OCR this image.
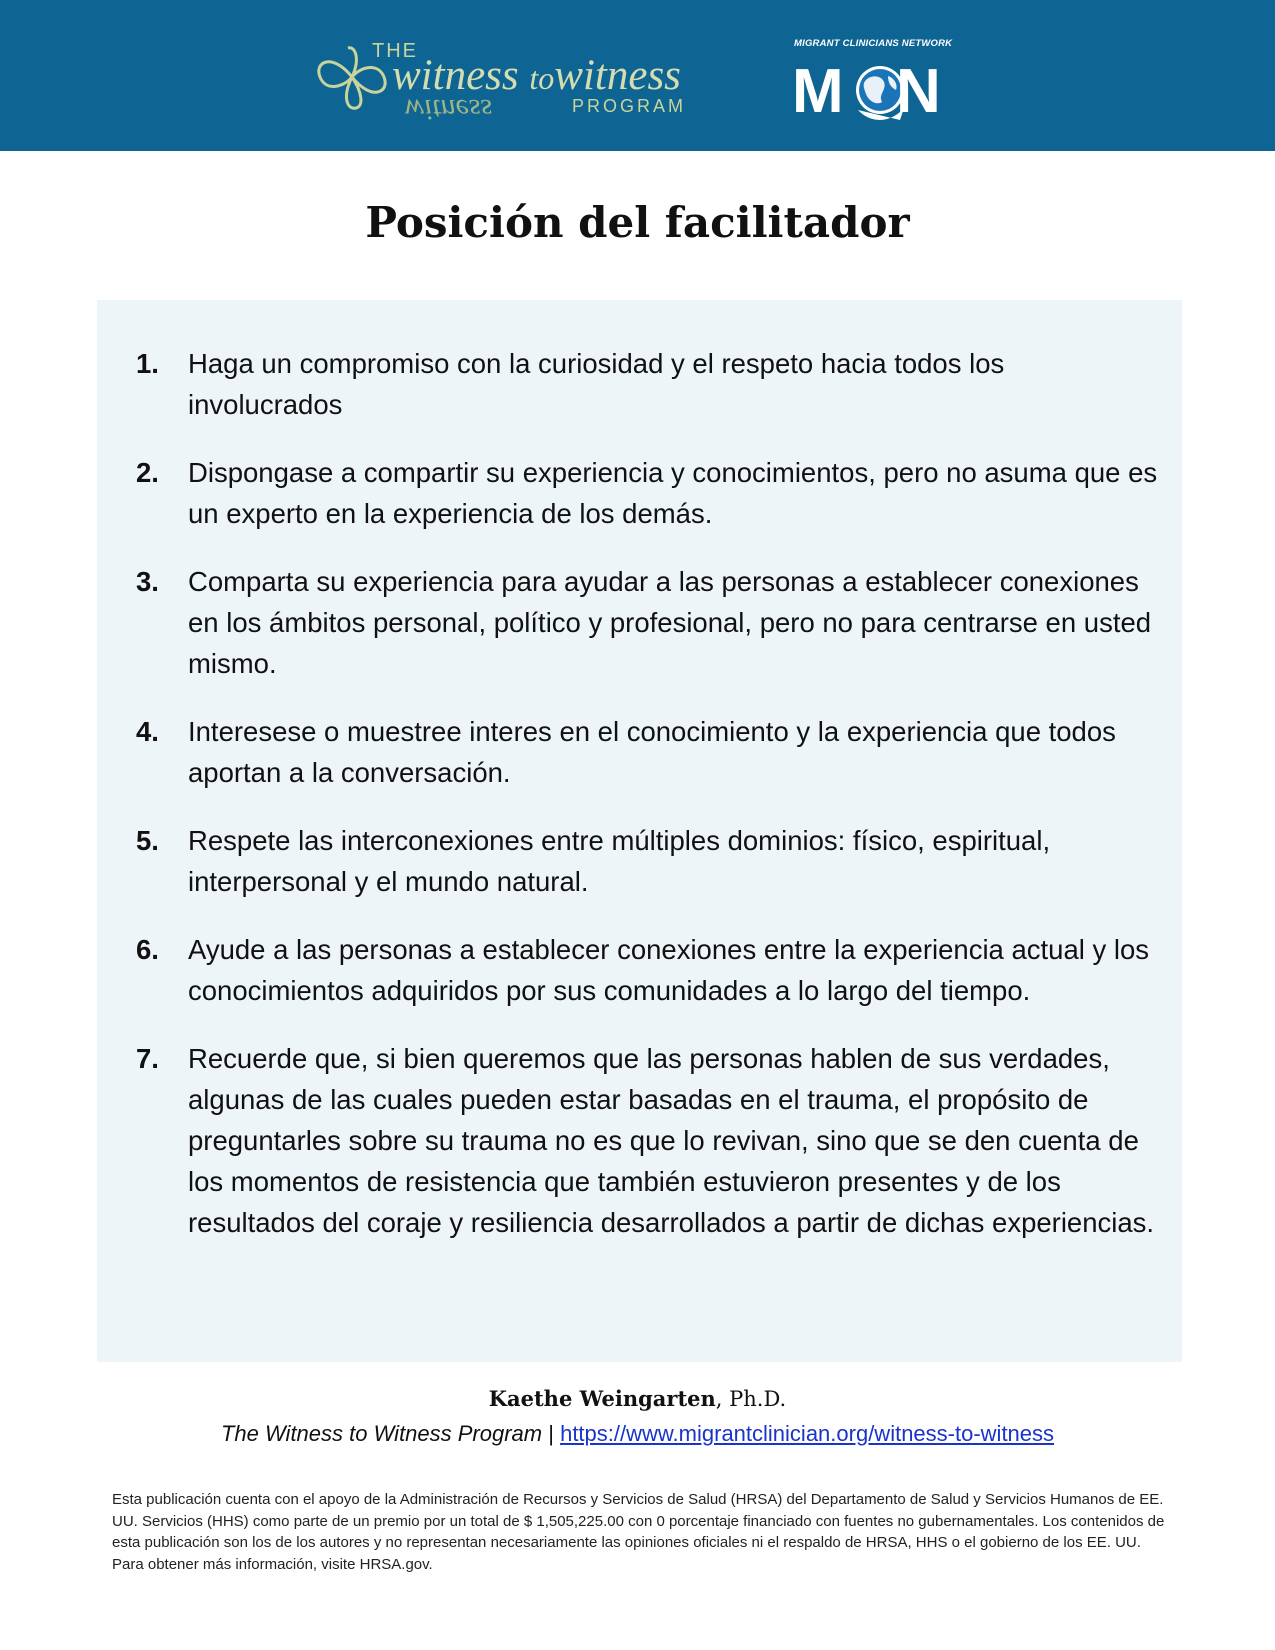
THE
witness towitness
witness	PROGRAM
MIGRANT CLINICIANS NETWORK
M N
Posición del facilitador
1. Haga un compromiso con la curiosidad y el respeto hacia todos los involucrados
2. Dispongase a compartir su experiencia y conocimientos, pero no asuma que es un experto en la experiencia de los demás.
3. Comparta su experiencia para ayudar a las personas a establecer conexiones en los ámbitos personal, político y profesional, pero no para centrarse en usted mismo.
4. Interesese o muestree interes en el conocimiento y la experiencia que todos aportan a la conversación.
5. Respete las interconexiones entre múltiples dominios: físico, espiritual, interpersonal y el mundo natural.
6. Ayude a las personas a establecer conexiones entre la experiencia actual y los conocimientos adquiridos por sus comunidades a lo largo del tiempo.
7. Recuerde que, si bien queremos que las personas hablen de sus verdades, algunas de las cuales pueden estar basadas en el trauma, el propósito de preguntarles sobre su trauma no es que lo revivan, sino que se den cuenta de los momentos de resistencia que también estuvieron presentes y de los resultados del coraje y resiliencia desarrollados a partir de dichas experiencias.
Kaethe Weingarten, Ph.D.
The Witness to Witness Program | https://www.migrantclinician.org/witness-to-witness

Esta publicación cuenta con el apoyo de la Administración de Recursos y Servicios de Salud (HRSA) del Departamento de Salud y Servicios Humanos de EE. UU. Servicios (HHS) como parte de un premio por un total de $ 1,505,225.00 con 0 porcentaje financiado con fuentes no gubernamentales. Los contenidos de esta publicación son los de los autores y no representan necesariamente las opiniones oficiales ni el respaldo de HRSA, HHS o el gobierno de los EE. UU. Para obtener más información, visite HRSA.gov.
